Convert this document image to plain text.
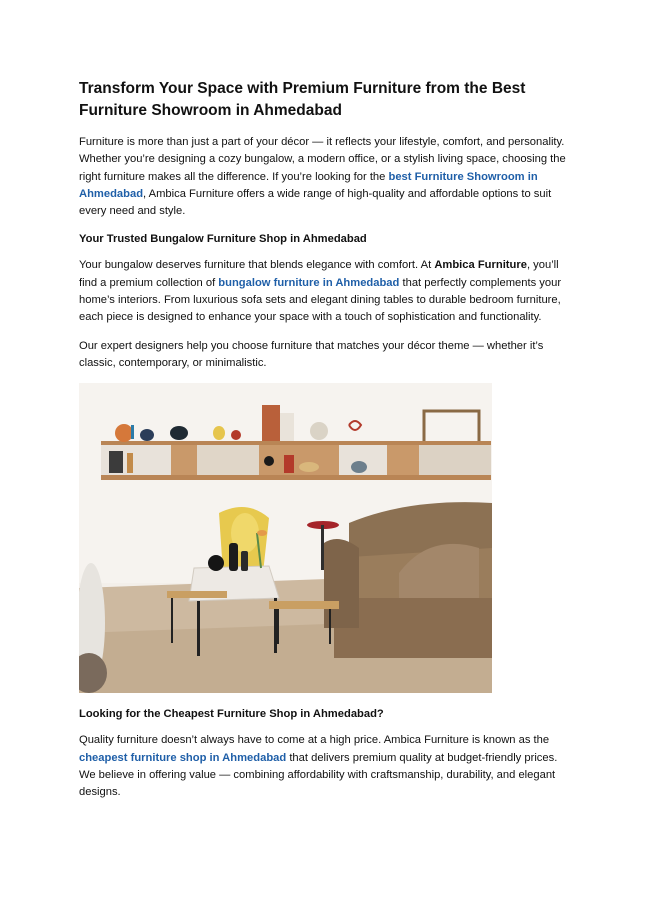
Transform Your Space with Premium Furniture from the Best Furniture Showroom in Ahmedabad

Furniture is more than just a part of your décor — it reflects your lifestyle, comfort, and personality. Whether you’re designing a cozy bungalow, a modern office, or a stylish living space, choosing the right furniture makes all the difference. If you’re looking for the best Furniture Showroom in Ahmedabad, Ambica Furniture offers a wide range of high-quality and affordable options to suit every need and style.

Your Trusted Bungalow Furniture Shop in Ahmedabad

Your bungalow deserves furniture that blends elegance with comfort. At Ambica Furniture, you’ll find a premium collection of bungalow furniture in Ahmedabad that perfectly complements your home’s interiors. From luxurious sofa sets and elegant dining tables to durable bedroom furniture, each piece is designed to enhance your space with a touch of sophistication and functionality.

Our expert designers help you choose furniture that matches your décor theme — whether it’s classic, contemporary, or minimalistic.

Looking for the Cheapest Furniture Shop in Ahmedabad?

Quality furniture doesn’t always have to come at a high price. Ambica Furniture is known as the cheapest furniture shop in Ahmedabad that delivers premium quality at budget-friendly prices. We believe in offering value — combining affordability with craftsmanship, durability, and elegant designs.
